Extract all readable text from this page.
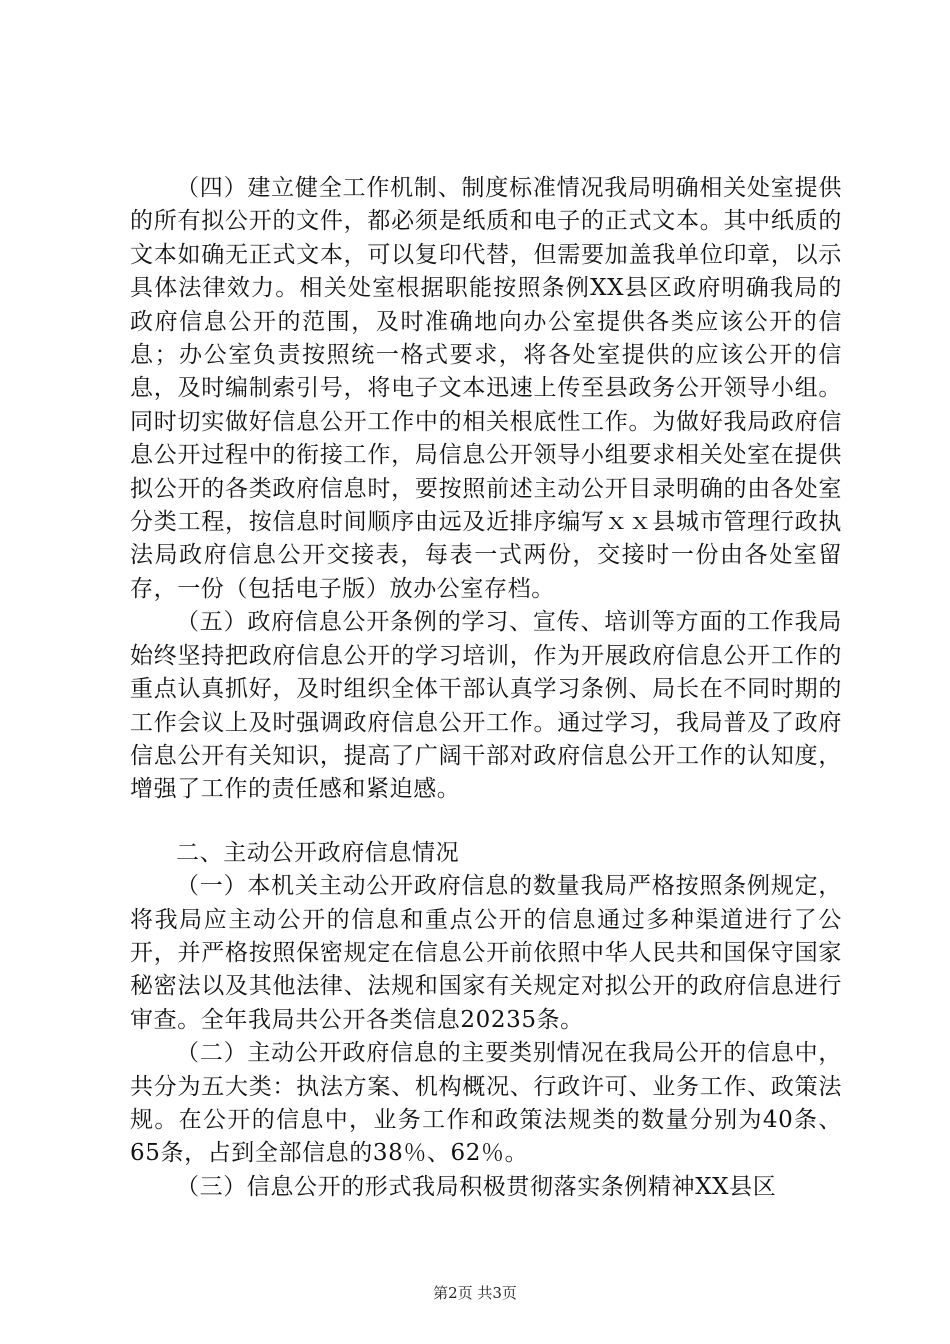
（四）建立健全工作机制、制度标准情况我局明确相关处室提供的所有拟公开的文件，都必须是纸质和电子的正式文本。其中纸质的文本如确无正式文本，可以复印代替，但需要加盖我单位印章，以示具体法律效力。相关处室根据职能按照条例XX县区政府明确我局的政府信息公开的范围，及时准确地向办公室提供各类应该公开的信息；办公室负责按照统一格式要求，将各处室提供的应该公开的信息，及时编制索引号，将电子文本迅速上传至县政务公开领导小组。同时切实做好信息公开工作中的相关根底性工作。为做好我局政府信息公开过程中的衔接工作，局信息公开领导小组要求相关处室在提供拟公开的各类政府信息时，要按照前述主动公开目录明确的由各处室分类工程，按信息时间顺序由远及近排序编写ｘｘ县城市管理行政执法局政府信息公开交接表，每表一式两份，交接时一份由各处室留存，一份（包括电子版）放办公室存档。

（五）政府信息公开条例的学习、宣传、培训等方面的工作我局始终坚持把政府信息公开的学习培训，作为开展政府信息公开工作的重点认真抓好，及时组织全体干部认真学习条例、局长在不同时期的工作会议上及时强调政府信息公开工作。通过学习，我局普及了政府信息公开有关知识，提高了广阔干部对政府信息公开工作的认知度，增强了工作的责任感和紧迫感。

二、主动公开政府信息情况

（一）本机关主动公开政府信息的数量我局严格按照条例规定，将我局应主动公开的信息和重点公开的信息通过多种渠道进行了公开，并严格按照保密规定在信息公开前依照中华人民共和国保守国家秘密法以及其他法律、法规和国家有关规定对拟公开的政府信息进行审查。全年我局共公开各类信息20235条。

（二）主动公开政府信息的主要类别情况在我局公开的信息中，共分为五大类：执法方案、机构概况、行政许可、业务工作、政策法规。在公开的信息中，业务工作和政策法规类的数量分别为40条、65条，占到全部信息的38％、62％。

（三）信息公开的形式我局积极贯彻落实条例精神XX县区

第2页 共3页
